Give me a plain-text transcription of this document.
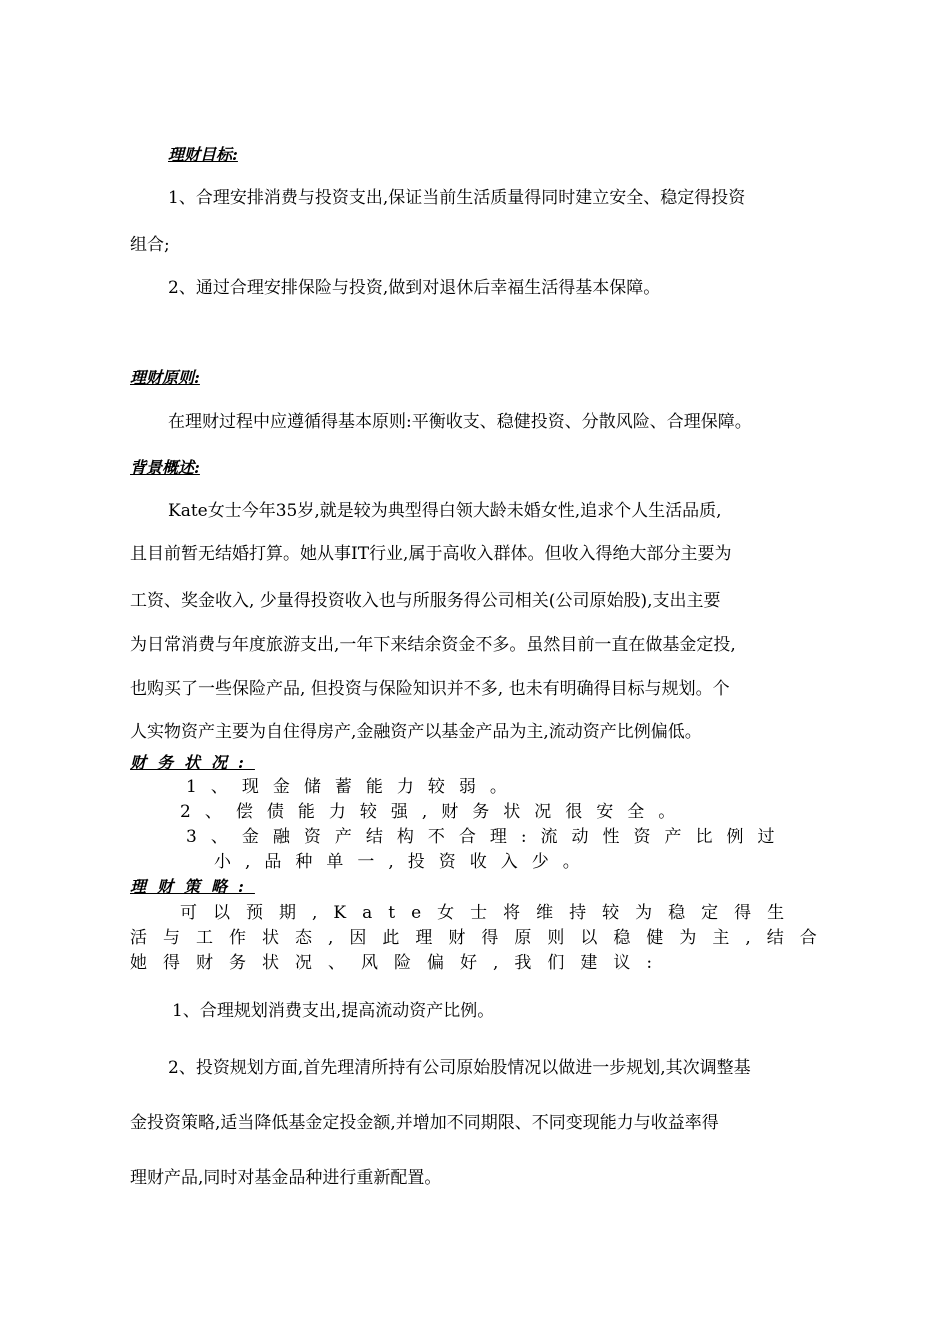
理财目标:
1、合理安排消费与投资支出,保证当前生活质量得同时建立安全、稳定得投资
组合;
2、通过合理安排保险与投资,做到对退休后幸福生活得基本保障。
理财原则:
在理财过程中应遵循得基本原则:平衡收支、稳健投资、分散风险、合理保障。
背景概述:
Kate女士今年35岁,就是较为典型得白领大龄未婚女性,追求个人生活品质,
且目前暂无结婚打算。她从事IT行业,属于高收入群体。但收入得绝大部分主要为
工资、奖金收入, 少量得投资收入也与所服务得公司相关(公司原始股),支出主要
为日常消费与年度旅游支出,一年下来结余资金不多。虽然目前一直在做基金定投,
也购买了一些保险产品, 但投资与保险知识并不多, 也未有明确得目标与规划。个
人实物资产主要为自住得房产,金融资产以基金产品为主,流动资产比例偏低。
财务状况:
1、现金储蓄能力较弱。
2、偿债能力较强,财务状况很安全。
3、金融资产结构不合理:流动性资产比例过
小,品种单一,投资收入少。
理财策略:
可以预期,Kate女士将维持较为稳定得生
活与工作状态,因此理财得原则以稳健为主,结合
她得财务状况、风险偏好,我们建议:
1、合理规划消费支出,提高流动资产比例。
2、投资规划方面,首先理清所持有公司原始股情况以做进一步规划,其次调整基
金投资策略,适当降低基金定投金额,并增加不同期限、不同变现能力与收益率得
理财产品,同时对基金品种进行重新配置。
